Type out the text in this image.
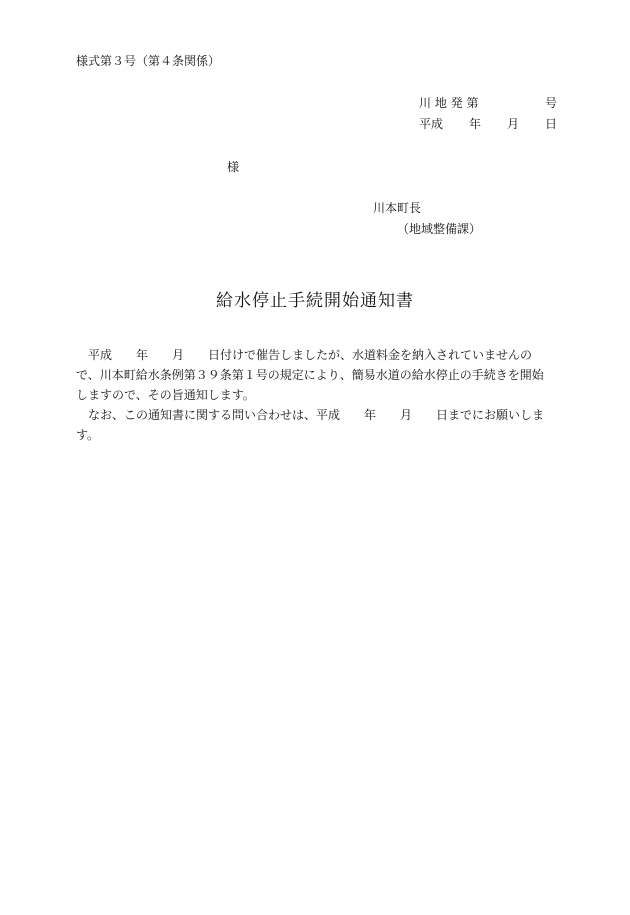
様式第３号（第４条関係）
川 地 発 第	号
平成 年 月 日
様
川本町長
（地域整備課）
給水停止手続開始通知書

　平成　　年　　月　　日付けで催告しましたが、水道料金を納入されていませんので、川本町給水条例第３９条第１号の規定により、簡易水道の給水停止の手続きを開始しますので、その旨通知します。

　なお、この通知書に関する問い合わせは、平成　　年　　月　　日までにお願いします。
